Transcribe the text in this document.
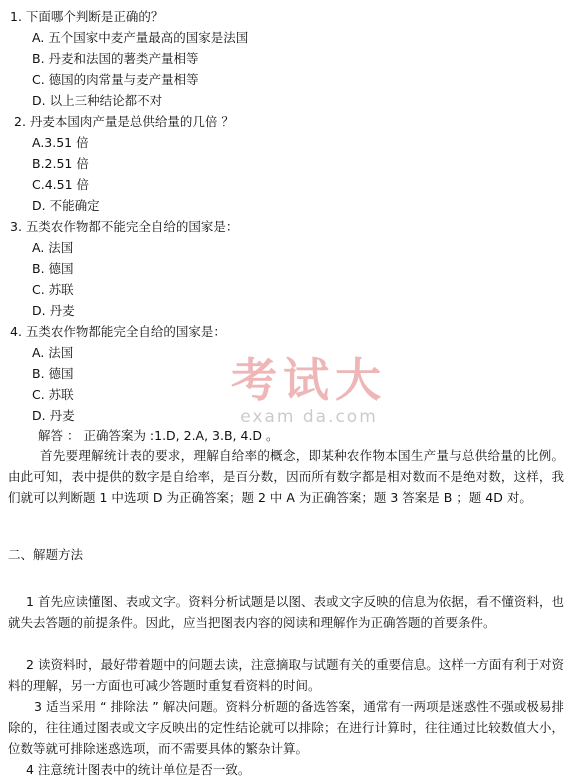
1. 下面哪个判断是正确的？
A. 五个国家中麦产量最高的国家是法国
B. 丹麦和法国的薯类产量相等
C. 德国的肉常量与麦产量相等
D. 以上三种结论都不对
2. 丹麦本国肉产量是总供给量的几倍 ？
A.3.51 倍
B.2.51 倍
C.4.51 倍
D. 不能确定
3. 五类农作物都不能完全自给的国家是：
A. 法国
B. 德国
C. 苏联
D. 丹麦
4. 五类农作物都能完全自给的国家是：
A. 法国
B. 德国
C. 苏联
D. 丹麦
考试大
exam da.com
解答 ： 正确答案为 :1.D, 2.A, 3.B, 4.D 。
首先要理解统计表的要求，理解自给率的概念，即某种农作物本国生产量与总供给量的比例。由此可知，表中提供的数字是自给率，是百分数，因而所有数字都是相对数而不是绝对数，这样，我们就可以判断题 1 中选项 D 为正确答案；题 2 中 A 为正确答案；题 3 答案是 B ；题 4D 对。
二、解题方法
1 首先应读懂图、表或文字。资料分析试题是以图、表或文字反映的信息为依据，看不懂资料，也就失去答题的前提条件。因此，应当把图表内容的阅读和理解作为正确答题的首要条件。
2 读资料时，最好带着题中的问题去读，注意摘取与试题有关的重要信息。这样一方面有利于对资料的理解，另一方面也可减少答题时重复看资料的时间。
3 适当采用 “ 排除法 ” 解决问题。资料分析题的备选答案，通常有一两项是迷惑性不强或极易排除的，往往通过图表或文字反映出的定性结论就可以排除；在进行计算时，往往通过比较数值大小，位数等就可排除迷惑选项，而不需要具体的繁杂计算。
4 注意统计图表中的统计单位是否一致。
